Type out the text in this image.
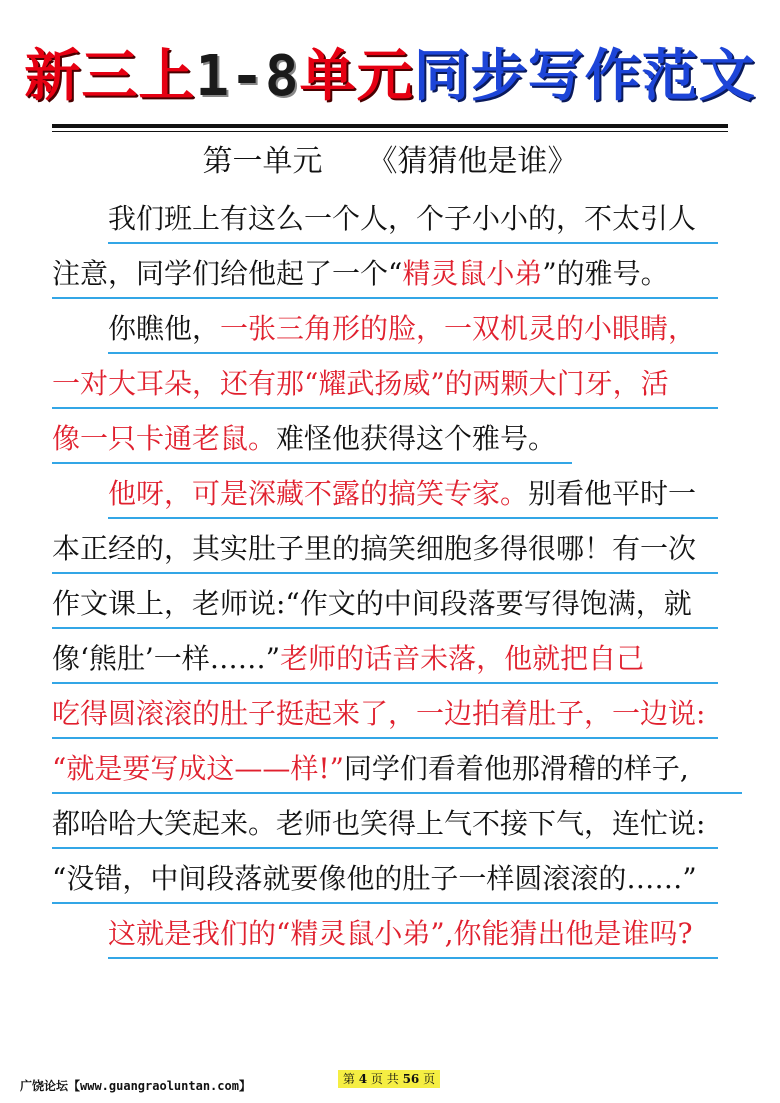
新三上1-8单元同步写作范文
第一单元　　《猜猜他是谁》
我们班上有这么一个人，个子小小的，不太引人
注意，同学们给他起了一个“精灵鼠小弟”的雅号。
你瞧他，一张三角形的脸，一双机灵的小眼睛，
一对大耳朵，还有那“耀武扬威”的两颗大门牙，活
像一只卡通老鼠。难怪他获得这个雅号。
他呀，可是深藏不露的搞笑专家。别看他平时一
本正经的，其实肚子里的搞笑细胞多得很哪！有一次
作文课上，老师说:“作文的中间段落要写得饱满，就
像‘熊肚’一样……”老师的话音未落，他就把自己
吃得圆滚滚的肚子挺起来了，一边拍着肚子，一边说:
“就是要写成这——样!”同学们看着他那滑稽的样子,
都哈哈大笑起来。老师也笑得上气不接下气，连忙说:
“没错，中间段落就要像他的肚子一样圆滚滚的……”
这就是我们的“精灵鼠小弟”,你能猜出他是谁吗?
广饶论坛【www.guangraoluntan.com】	第 4 页 共 56 页
